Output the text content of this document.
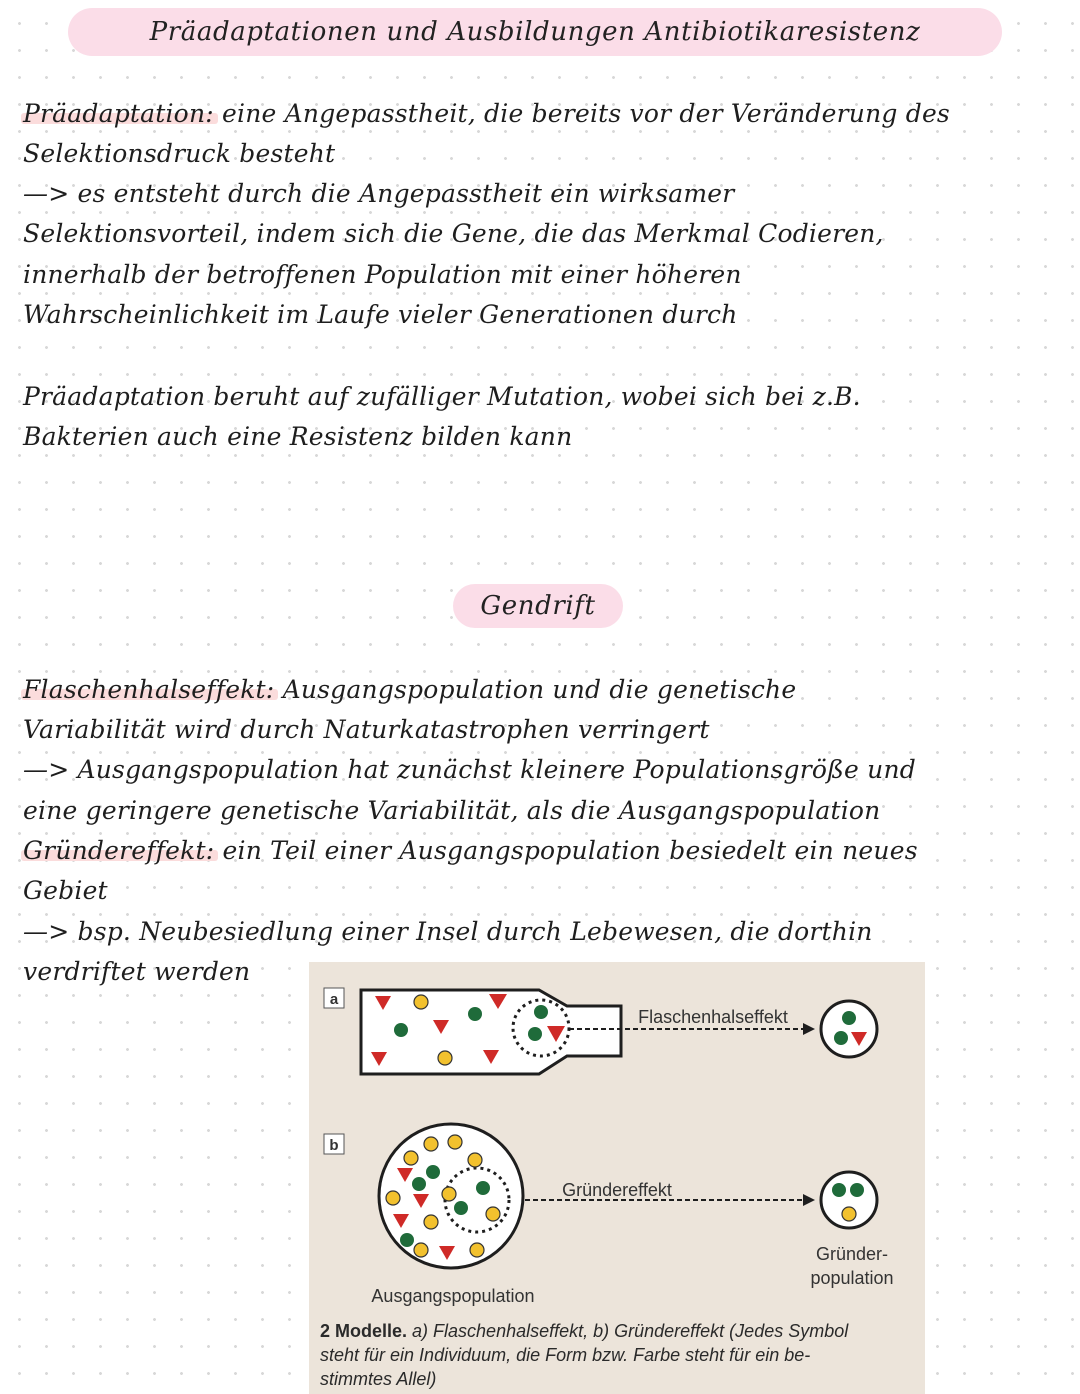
Präadaptationen und Ausbildungen Antibiotikaresistenz
Präadaptation: eine Angepasstheit, die bereits vor der Veränderung des
Selektionsdruck besteht
—> es entsteht durch die Angepasstheit ein wirksamer
Selektionsvorteil, indem sich die Gene, die das Merkmal Codieren,
innerhalb der betroffenen Population mit einer höheren
Wahrscheinlichkeit im Laufe vieler Generationen durch
Präadaptation beruht auf zufälliger Mutation, wobei sich bei z.B.
Bakterien auch eine Resistenz bilden kann
Gendrift
Flaschenhalseffekt: Ausgangspopulation und die genetische
Variabilität wird durch Naturkatastrophen verringert
—> Ausgangspopulation hat zunächst kleinere Populationsgröße und
eine geringere genetische Variabilität, als die Ausgangspopulation
Gründereffekt: ein Teil einer Ausgangspopulation besiedelt ein neues
Gebiet
—> bsp. Neubesiedlung einer Insel durch Lebewesen, die dorthin
verdriftet werden
a
Flaschenhalseffekt
b
Gründereffekt
Gründer-
population
Ausgangspopulation
2 Modelle. a) Flaschenhalseffekt, b) Gründereffekt (Jedes Symbol
steht für ein Individuum, die Form bzw. Farbe steht für ein be-
stimmtes Allel)
